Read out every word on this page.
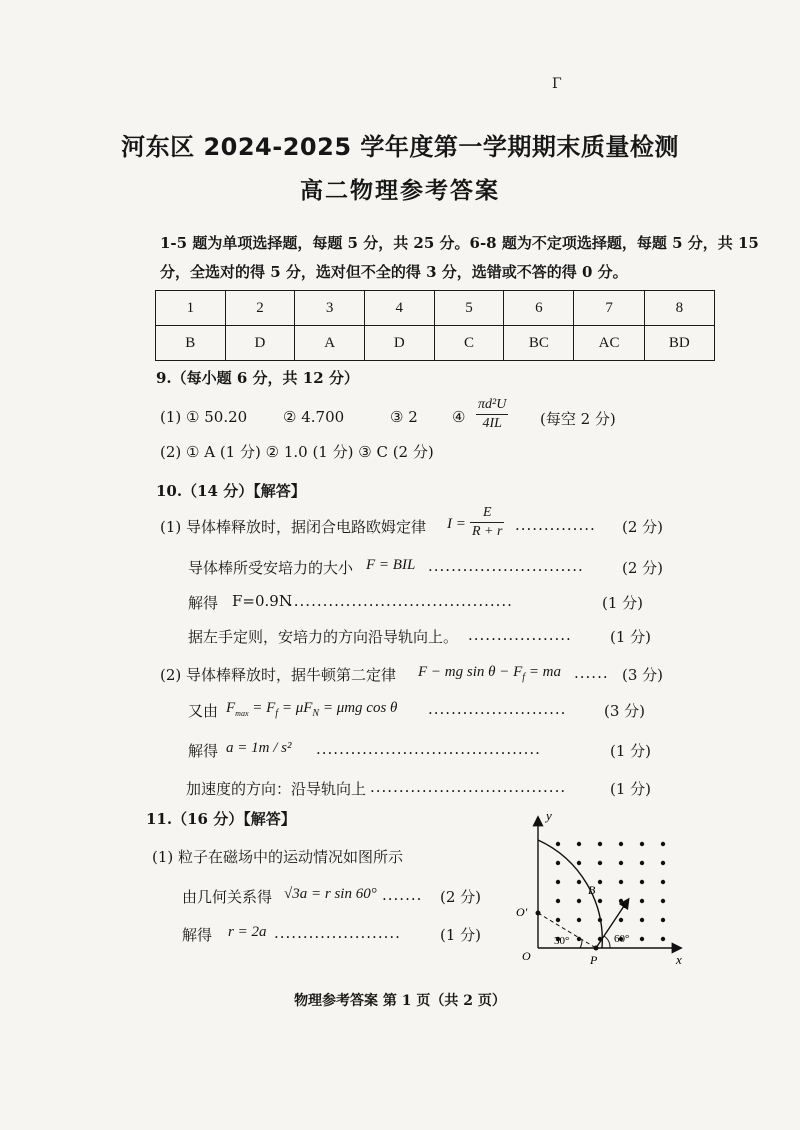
Γ
河东区 2024-2025 学年度第一学期期末质量检测
高二物理参考答案
1-5 题为单项选择题，每题 5 分，共 25 分。6-8 题为不定项选择题，每题 5 分，共 15
分，全选对的得 5 分，选对但不全的得 3 分，选错或不答的得 0 分。
1	2	3	4	5	6	7	8
B	D	A	D	C	BC	AC	BD
9.（每小题 6 分，共 12 分）
(1) ① 50.20 ② 4.700	③ 2 ④ $\frac{\text{πd²U}}{4IL}$ (每空 2 分)
(2) ① A (1 分) ② 1.0 (1 分) ③ C (2 分)
10.（14 分）【解答】
(1) 导体棒释放时，据闭合电路欧姆定律 $I = \frac{E}{R + r}$ .............. (2 分)
导体棒所受安培力的大小 F = BIL ...........................	(2 分)
解得 F=0.9N
.......................................	(1 分)
据左手定则，安培力的方向沿导轨向上。 ..................	(1 分)
(2) 导体棒释放时，据牛顿第二定律 F − mg $\sin \theta - F_f$ = ma ...... (3 分)
又由 $F_{max} = F_f = \mu F_N = \mu mg$ cos θ ........................	(3 分)
解得 a = 1m / s² .......................................	(1 分)
加速度的方向：沿导轨向上 ..................................	(1 分)
11.（16 分）【解答】
(1) 粒子在磁场中的运动情况如图所示
由几何关系得 √3a = r sin 60° ....... (2 分)
解得 r = 2a ......................	(1 分)
y
x
O
O′
B
P
v
30°	60°
物理参考答案 第 1 页（共 2 页）
